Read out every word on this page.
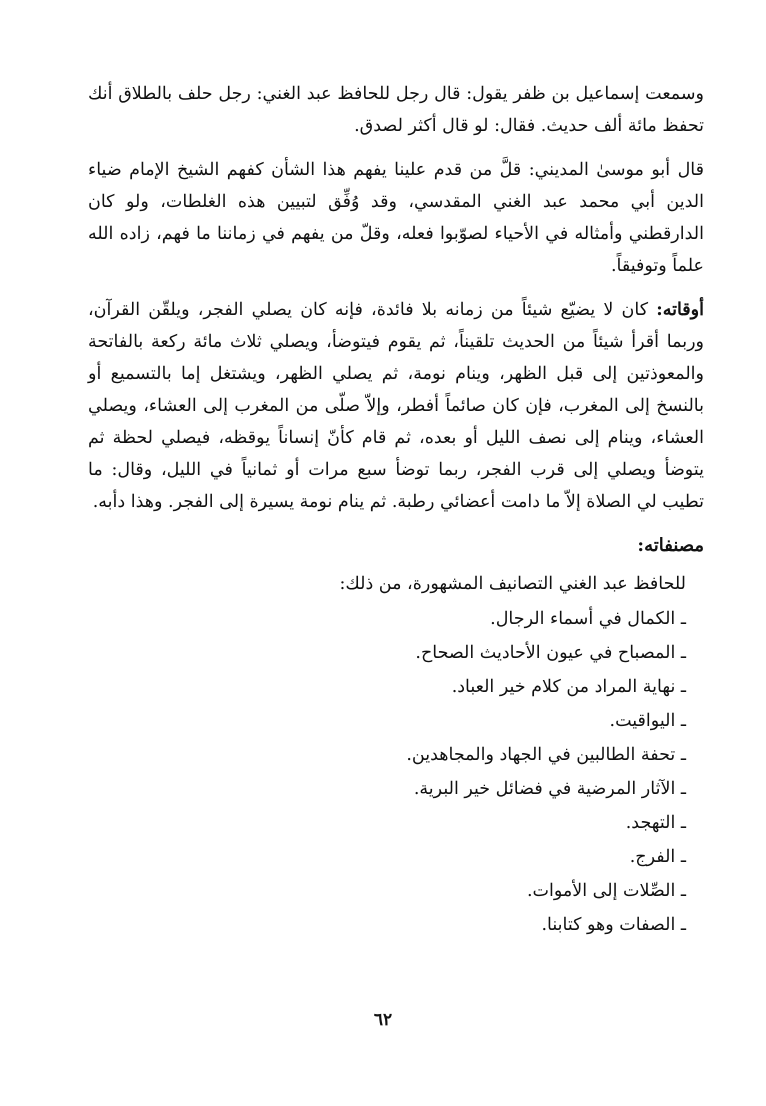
وسمعت إسماعيل بن ظفر يقول: قال رجل للحافظ عبد الغني: رجل حلف بالطلاق أنك تحفظ مائة ألف حديث. فقال: لو قال أكثر لصدق.

قال أبو موسىٰ المديني: قلَّ من قدم علينا يفهم هذا الشأن كفهم الشيخ الإمام ضياء الدين أبي محمد عبد الغني المقدسي، وقد وُفِّق لتبيين هذه الغلطات، ولو كان الدارقطني وأمثاله في الأحياء لصوّبوا فعله، وقلّ من يفهم في زماننا ما فهم، زاده الله علماً وتوفيقاً.

أوقاته: كان لا يضيّع شيئاً من زمانه بلا فائدة، فإنه كان يصلي الفجر، ويلقّن القرآن، وربما أقرأ شيئاً من الحديث تلقيناً، ثم يقوم فيتوضأ، ويصلي ثلاث مائة ركعة بالفاتحة والمعوذتين إلى قبل الظهر، وينام نومة، ثم يصلي الظهر، ويشتغل إما بالتسميع أو بالنسخ إلى المغرب، فإن كان صائماً أفطر، وإلاّ صلّى من المغرب إلى العشاء، ويصلي العشاء، وينام إلى نصف الليل أو بعده، ثم قام كأنّ إنساناً يوقظه، فيصلي لحظة ثم يتوضأ ويصلي إلى قرب الفجر، ربما توضأ سبع مرات أو ثمانياً في الليل، وقال: ما تطيب لي الصلاة إلاّ ما دامت أعضائي رطبة. ثم ينام نومة يسيرة إلى الفجر. وهذا دأبه.

مصنفاته:

للحافظ عبد الغني التصانيف المشهورة، من ذلك:

ـ الكمال في أسماء الرجال.
ـ المصباح في عيون الأحاديث الصحاح.
ـ نهاية المراد من كلام خير العباد.
ـ اليواقيت.
ـ تحفة الطالبين في الجهاد والمجاهدين.
ـ الآثار المرضية في فضائل خير البرية.
ـ التهجد.
ـ الفرج.
ـ الصِّلات إلى الأموات.
ـ الصفات وهو كتابنا.
٦٢
